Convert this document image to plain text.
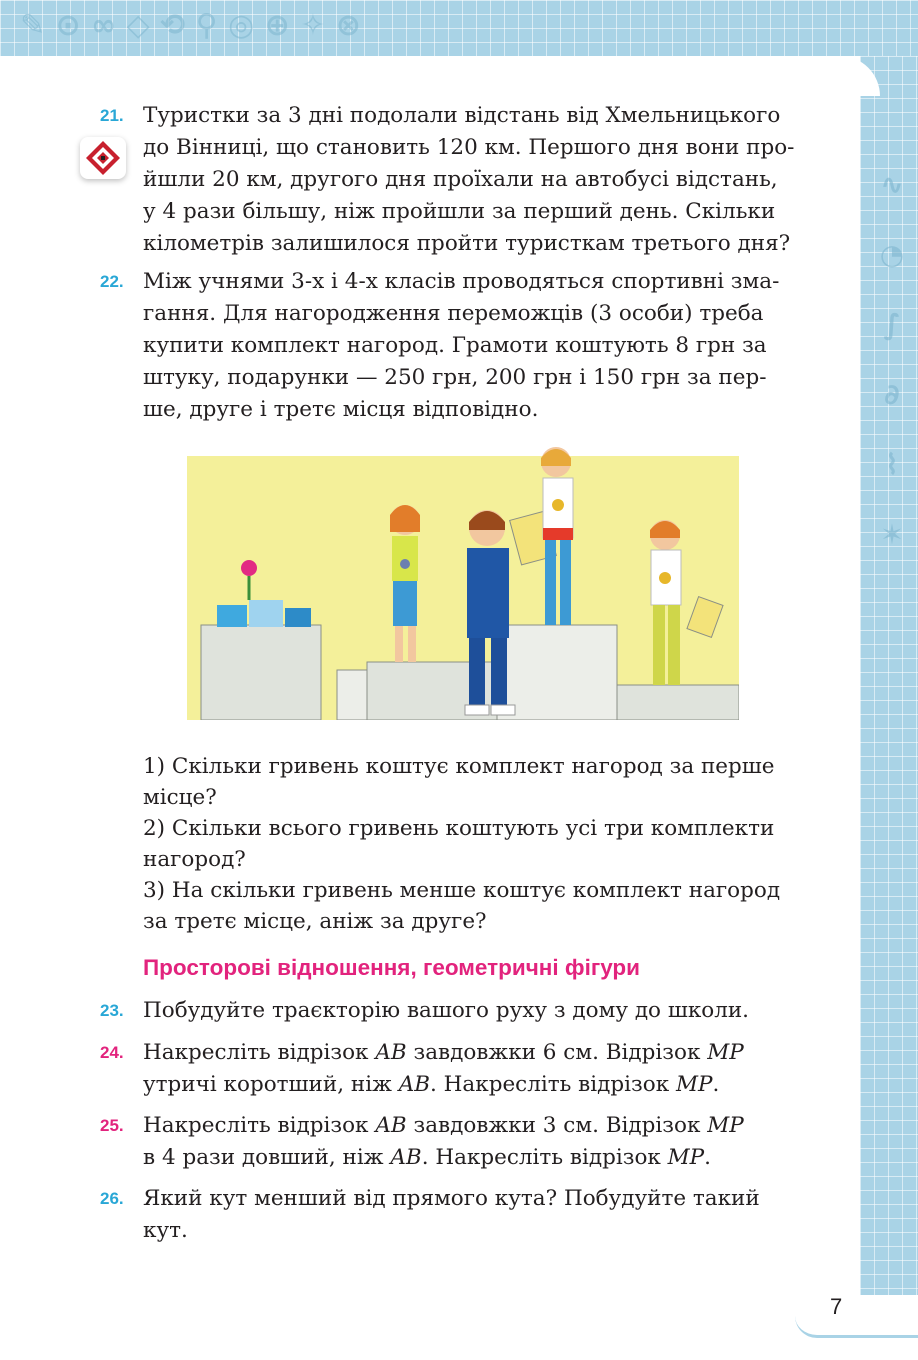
✎ ⊙ ∞ ◇ ⟲ ⚲ ◎ ⊕ ✧ ⊗
∿
◔
∫
∂
⌇
✶
21. Туристки за 3 дні подолали відстань від Хмельницького
до Вінниці, що становить 120 км. Першого дня вони про-
йшли 20 км, другого дня проїхали на автобусі відстань,
у 4 рази більшу, ніж пройшли за перший день. Скільки
кілометрів залишилося пройти туристкам третього дня?
22. Між учнями 3-х і 4-х класів проводяться спортивні зма-
гання. Для нагородження переможців (3 особи) треба
купити комплект нагород. Грамоти коштують 8 грн за
штуку, подарунки — 250 грн, 200 грн і 150 грн за пер-
ше, друге і третє місця відповідно.
1) Скільки гривень коштує комплект нагород за перше
місце?
2) Скільки всього гривень коштують усі три комплекти
нагород?
3) На скільки гривень менше коштує комплект нагород
за третє місце, аніж за друге?
Просторові відношення, геометричні фігури
23. Побудуйте траєкторію вашого руху з дому до школи.
24. Накресліть відрізок AB завдовжки 6 см. Відрізок MP
утричі коротший, ніж AB. Накресліть відрізок MP.
25. Накресліть відрізок AB завдовжки 3 см. Відрізок MP
в 4 рази довший, ніж AB. Накресліть відрізок MP.
26. Який кут менший від прямого кута? Побудуйте такий
кут.
7
